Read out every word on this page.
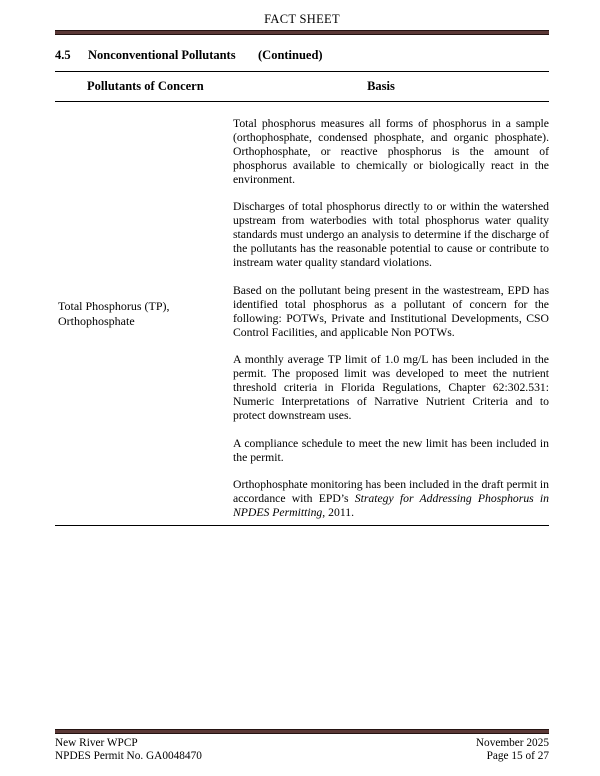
FACT SHEET
4.5 Nonconventional Pollutants (Continued)
Pollutants of Concern	Basis
Total Phosphorus (TP), Orthophosphate

Total phosphorus measures all forms of phosphorus in a sample (orthophosphate, condensed phosphate, and organic phosphate). Orthophosphate, or reactive phosphorus is the amount of phosphorus available to chemically or biologically react in the environment.

Discharges of total phosphorus directly to or within the watershed upstream from waterbodies with total phosphorus water quality standards must undergo an analysis to determine if the discharge of the pollutants has the reasonable potential to cause or contribute to instream water quality standard violations.

Based on the pollutant being present in the wastestream, EPD has identified total phosphorus as a pollutant of concern for the following: POTWs, Private and Institutional Developments, CSO Control Facilities, and applicable Non POTWs.

A monthly average TP limit of 1.0 mg/L has been included in the permit. The proposed limit was developed to meet the nutrient threshold criteria in Florida Regulations, Chapter 62:302.531: Numeric Interpretations of Narrative Nutrient Criteria and to protect downstream uses.

A compliance schedule to meet the new limit has been included in the permit.

Orthophosphate monitoring has been included in the draft permit in accordance with EPD’s Strategy for Addressing Phosphorus in NPDES Permitting, 2011.

New River WPCP
NPDES Permit No. GA0048470
November 2025
Page 15 of 27
